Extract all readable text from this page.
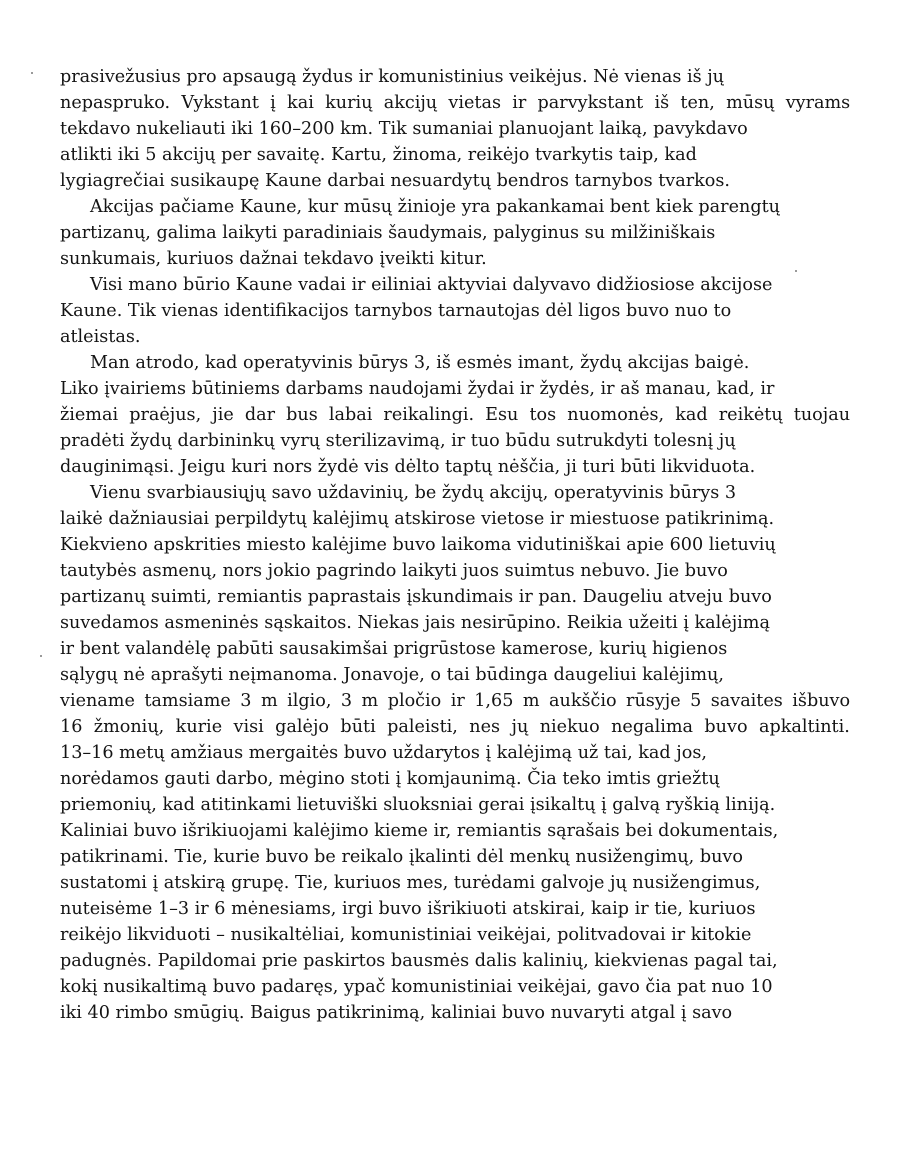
prasivežusius pro apsaugą žydus ir komunistinius veikėjus. Nė vienas iš jų
nepaspruko. Vykstant į kai kurių akcijų vietas ir parvykstant iš ten, mūsų vyrams
tekdavo nukeliauti iki 160–200 km. Tik sumaniai planuojant laiką, pavykdavo
atlikti iki 5 akcijų per savaitę. Kartu, žinoma, reikėjo tvarkytis taip, kad
lygiagrečiai susikaupę Kaune darbai nesuardytų bendros tarnybos tvarkos.
Akcijas pačiame Kaune, kur mūsų žinioje yra pakankamai bent kiek parengtų
partizanų, galima laikyti paradiniais šaudymais, palyginus su milžiniškais
sunkumais, kuriuos dažnai tekdavo įveikti kitur.
Visi mano būrio Kaune vadai ir eiliniai aktyviai dalyvavo didžiosiose akcijose
Kaune. Tik vienas identifikacijos tarnybos tarnautojas dėl ligos buvo nuo to
atleistas.
Man atrodo, kad operatyvinis būrys 3, iš esmės imant, žydų akcijas baigė.
Liko įvairiems būtiniems darbams naudojami žydai ir žydės, ir aš manau, kad, ir
žiemai praėjus, jie dar bus labai reikalingi. Esu tos nuomonės, kad reikėtų tuojau
pradėti žydų darbininkų vyrų sterilizavimą, ir tuo būdu sutrukdyti tolesnį jų
dauginimąsi. Jeigu kuri nors žydė vis dėlto taptų nėščia, ji turi būti likviduota.
Vienu svarbiausiųjų savo uždavinių, be žydų akcijų, operatyvinis būrys 3
laikė dažniausiai perpildytų kalėjimų atskirose vietose ir miestuose patikrinimą.
Kiekvieno apskrities miesto kalėjime buvo laikoma vidutiniškai apie 600 lietuvių
tautybės asmenų, nors jokio pagrindo laikyti juos suimtus nebuvo. Jie buvo
partizanų suimti, remiantis paprastais įskundimais ir pan. Daugeliu atveju buvo
suvedamos asmeninės sąskaitos. Niekas jais nesirūpino. Reikia užeiti į kalėjimą
ir bent valandėlę pabūti sausakimšai prigrūstose kamerose, kurių higienos
sąlygų nė aprašyti neįmanoma. Jonavoje, o tai būdinga daugeliui kalėjimų,
viename tamsiame 3 m ilgio, 3 m pločio ir 1,65 m aukščio rūsyje 5 savaites išbuvo
16 žmonių, kurie visi galėjo būti paleisti, nes jų niekuo negalima buvo apkaltinti.
13–16 metų amžiaus mergaitės buvo uždarytos į kalėjimą už tai, kad jos,
norėdamos gauti darbo, mėgino stoti į komjaunimą. Čia teko imtis griežtų
priemonių, kad atitinkami lietuviški sluoksniai gerai įsikaltų į galvą ryškią liniją.
Kaliniai buvo išrikiuojami kalėjimo kieme ir, remiantis sąrašais bei dokumentais,
patikrinami. Tie, kurie buvo be reikalo įkalinti dėl menkų nusižengimų, buvo
sustatomi į atskirą grupę. Tie, kuriuos mes, turėdami galvoje jų nusižengimus,
nuteisėme 1–3 ir 6 mėnesiams, irgi buvo išrikiuoti atskirai, kaip ir tie, kuriuos
reikėjo likviduoti – nusikaltėliai, komunistiniai veikėjai, politvadovai ir kitokie
padugnės. Papildomai prie paskirtos bausmės dalis kalinių, kiekvienas pagal tai,
kokį nusikaltimą buvo padaręs, ypač komunistiniai veikėjai, gavo čia pat nuo 10
iki 40 rimbo smūgių. Baigus patikrinimą, kaliniai buvo nuvaryti atgal į savo
